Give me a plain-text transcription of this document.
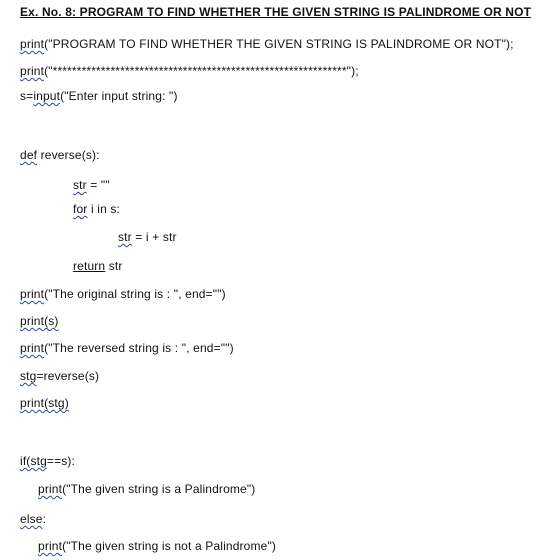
Ex. No. 8: PROGRAM TO FIND WHETHER THE GIVEN STRING IS PALINDROME OR NOT
print("PROGRAM TO FIND WHETHER THE GIVEN STRING IS PALINDROME OR NOT");
print("*************************************************************");
s=input("Enter input string: ")
def reverse(s):
str = ""
for i in s:
str = i + str
return str
print("The original string is : ", end="")
print(s)
print("The reversed string is : ", end="")
stg=reverse(s)
print(stg)
if(stg==s):
print("The given string is a Palindrome")
else:
print("The given string is not a Palindrome")
